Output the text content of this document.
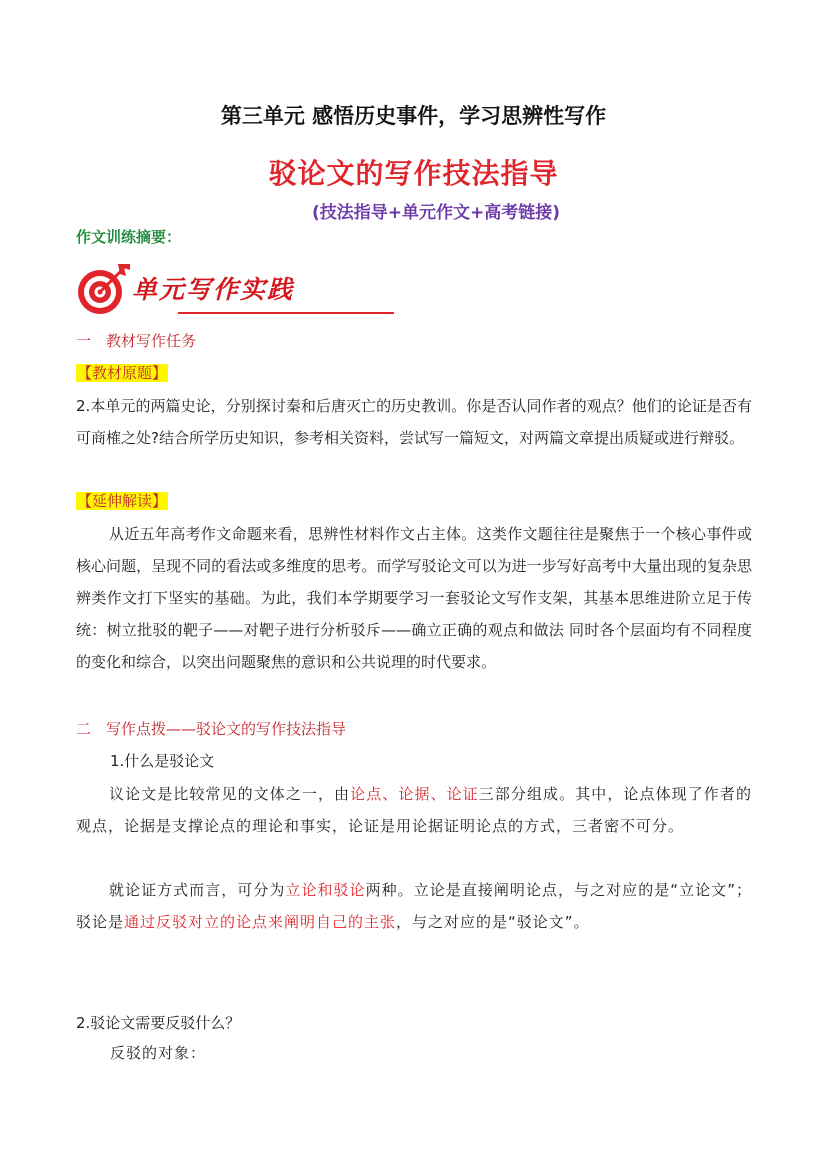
第三单元 感悟历史事件，学习思辨性写作
驳论文的写作技法指导
(技法指导+单元作文+高考链接)
作文训练摘要：
单元写作实践
一　教材写作任务
【教材原题】
2.本单元的两篇史论，分别探讨秦和后唐灭亡的历史教训。你是否认同作者的观点？他们的论证是否有可商榷之处?结合所学历史知识，参考相关资料，尝试写一篇短文，对两篇文章提出质疑或进行辩驳。
【延伸解读】
从近五年高考作文命题来看，思辨性材料作文占主体。这类作文题往往是聚焦于一个核心事件或核心问题，呈现不同的看法或多维度的思考。而学写驳论文可以为进一步写好高考中大量出现的复杂思辨类作文打下坚实的基础。为此，我们本学期要学习一套驳论文写作支架，其基本思维进阶立足于传统：树立批驳的靶子——对靶子进行分析驳斥——确立正确的观点和做法 同时各个层面均有不同程度的变化和综合，以突出问题聚焦的意识和公共说理的时代要求。
二　写作点拨——驳论文的写作技法指导
1.什么是驳论文
议论文是比较常见的文体之一，由论点、论据、论证三部分组成。其中，论点体现了作者的观点，论据是支撑论点的理论和事实，论证是用论据证明论点的方式，三者密不可分。
就论证方式而言，可分为立论和驳论两种。立论是直接阐明论点，与之对应的是“立论文”；驳论是通过反驳对立的论点来阐明自己的主张，与之对应的是“驳论文”。
2.驳论文需要反驳什么？
反驳的对象：
